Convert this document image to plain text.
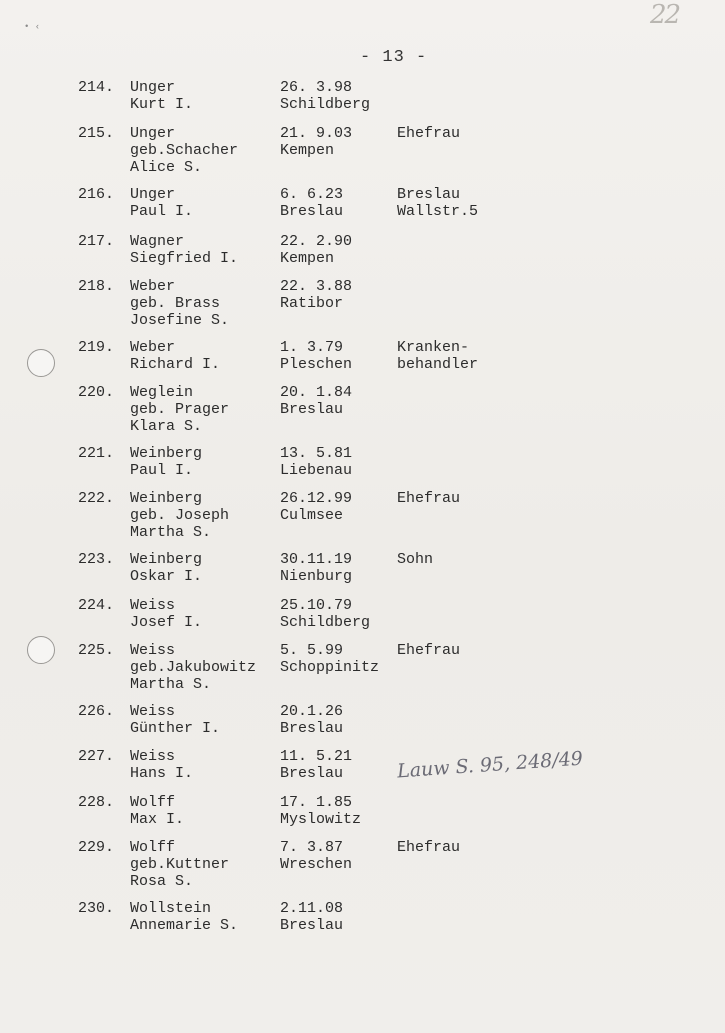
• ‹	22
- 13 -
214. Unger
Kurt I.
26. 3.98
Schildberg
215. Unger
geb.Schacher
Alice S.
21. 9.03
Kempen
Ehefrau
216. Unger
Paul I.
6. 6.23
Breslau
Breslau
Wallstr.5
217. Wagner
Siegfried I.
22. 2.90
Kempen
218. Weber
geb. Brass
Josefine S.
22. 3.88
Ratibor
219. Weber
Richard I.
1. 3.79
Pleschen
Kranken-
behandler
220. Weglein
geb. Prager
Klara S.
20. 1.84
Breslau
221. Weinberg
Paul I.
13. 5.81
Liebenau
222. Weinberg
geb. Joseph
Martha S.
26.12.99
Culmsee
Ehefrau
223. Weinberg
Oskar I.
30.11.19
Nienburg
Sohn
224. Weiss
Josef I.
25.10.79
Schildberg
225. Weiss
geb.Jakubowitz
Martha S.
5. 5.99
Schoppinitz
Ehefrau
226. Weiss
Günther I.
20.1.26
Breslau
227. Weiss
Hans I.
11. 5.21
Breslau
228. Wolff
Max I.
17. 1.85
Myslowitz
229. Wolff
geb.Kuttner
Rosa S.
7. 3.87
Wreschen
Ehefrau
230. Wollstein
Annemarie S.
2.11.08
Breslau
Lauw S. 95, 248/49
